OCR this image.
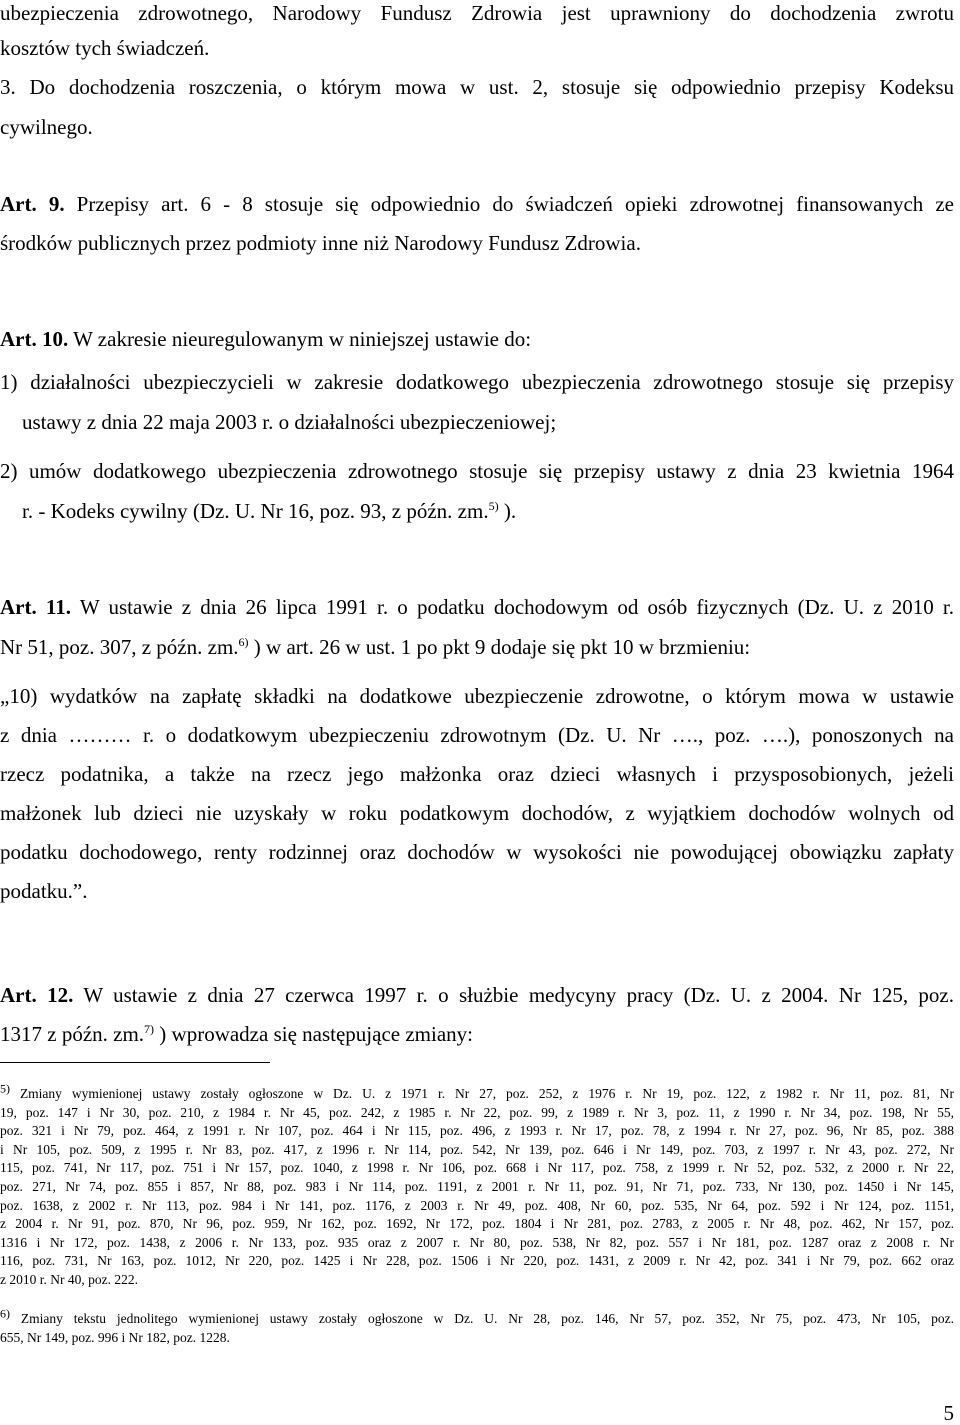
ubezpieczenia zdrowotnego, Narodowy Fundusz Zdrowia jest uprawniony do dochodzenia zwrotu
kosztów tych świadczeń.
3. Do dochodzenia roszczenia, o którym mowa w ust. 2, stosuje się odpowiednio przepisy Kodeksu
cywilnego.
Art. 9. Przepisy art. 6 - 8 stosuje się odpowiednio do świadczeń opieki zdrowotnej finansowanych ze
środków publicznych przez podmioty inne niż Narodowy Fundusz Zdrowia.
Art. 10. W zakresie nieuregulowanym w niniejszej ustawie do:
1) działalności ubezpieczycieli w zakresie dodatkowego ubezpieczenia zdrowotnego stosuje się przepisy
ustawy z dnia 22 maja 2003 r. o działalności ubezpieczeniowej;
2) umów dodatkowego ubezpieczenia zdrowotnego stosuje się przepisy ustawy z dnia 23 kwietnia 1964
r. - Kodeks cywilny (Dz. U. Nr 16, poz. 93, z późn. zm.$^{5)}$ ).
Art. 11. W ustawie z dnia 26 lipca 1991 r. o podatku dochodowym od osób fizycznych (Dz. U. z 2010 r.
Nr 51, poz. 307, z późn. zm.$^{6)}$ ) w art. 26 w ust. 1 po pkt 9 dodaje się pkt 10 w brzmieniu:
„10) wydatków na zapłatę składki na dodatkowe ubezpieczenie zdrowotne, o którym mowa w ustawie
z dnia ……… r. o dodatkowym ubezpieczeniu zdrowotnym (Dz. U. Nr …., poz. ….), ponoszonych na
rzecz podatnika, a także na rzecz jego małżonka oraz dzieci własnych i przysposobionych, jeżeli
małżonek lub dzieci nie uzyskały w roku podatkowym dochodów, z wyjątkiem dochodów wolnych od
podatku dochodowego, renty rodzinnej oraz dochodów w wysokości nie powodującej obowiązku zapłaty
podatku.”.
Art. 12. W ustawie z dnia 27 czerwca 1997 r. o służbie medycyny pracy (Dz. U. z 2004. Nr 125, poz.
1317 z późn. zm.$^{7)}$ ) wprowadza się następujące zmiany:
$^{5)}$ Zmiany wymienionej ustawy zostały ogłoszone w Dz. U. z 1971 r. Nr 27, poz. 252, z 1976 r. Nr 19, poz. 122, z 1982 r. Nr 11, poz. 81, Nr
19, poz. 147 i Nr 30, poz. 210, z 1984 r. Nr 45, poz. 242, z 1985 r. Nr 22, poz. 99, z 1989 r. Nr 3, poz. 11, z 1990 r. Nr 34, poz. 198, Nr 55,
poz. 321 i Nr 79, poz. 464, z 1991 r. Nr 107, poz. 464 i Nr 115, poz. 496, z 1993 r. Nr 17, poz. 78, z 1994 r. Nr 27, poz. 96, Nr 85, poz. 388
i Nr 105, poz. 509, z 1995 r. Nr 83, poz. 417, z 1996 r. Nr 114, poz. 542, Nr 139, poz. 646 i Nr 149, poz. 703, z 1997 r. Nr 43, poz. 272, Nr
115, poz. 741, Nr 117, poz. 751 i Nr 157, poz. 1040, z 1998 r. Nr 106, poz. 668 i Nr 117, poz. 758, z 1999 r. Nr 52, poz. 532, z 2000 r. Nr 22,
poz. 271, Nr 74, poz. 855 i 857, Nr 88, poz. 983 i Nr 114, poz. 1191, z 2001 r. Nr 11, poz. 91, Nr 71, poz. 733, Nr 130, poz. 1450 i Nr 145,
poz. 1638, z 2002 r. Nr 113, poz. 984 i Nr 141, poz. 1176, z 2003 r. Nr 49, poz. 408, Nr 60, poz. 535, Nr 64, poz. 592 i Nr 124, poz. 1151,
z 2004 r. Nr 91, poz. 870, Nr 96, poz. 959, Nr 162, poz. 1692, Nr 172, poz. 1804 i Nr 281, poz. 2783, z 2005 r. Nr 48, poz. 462, Nr 157, poz.
1316 i Nr 172, poz. 1438, z 2006 r. Nr 133, poz. 935 oraz z 2007 r. Nr 80, poz. 538, Nr 82, poz. 557 i Nr 181, poz. 1287 oraz z 2008 r. Nr
116, poz. 731, Nr 163, poz. 1012, Nr 220, poz. 1425 i Nr 228, poz. 1506 i Nr 220, poz. 1431, z 2009 r. Nr 42, poz. 341 i Nr 79, poz. 662 oraz
z 2010 r. Nr 40, poz. 222.
$^{6)}$ Zmiany tekstu jednolitego wymienionej ustawy zostały ogłoszone w Dz. U. Nr 28, poz. 146, Nr 57, poz. 352, Nr 75, poz. 473, Nr 105, poz.
655, Nr 149, poz. 996 i Nr 182, poz. 1228.
5
